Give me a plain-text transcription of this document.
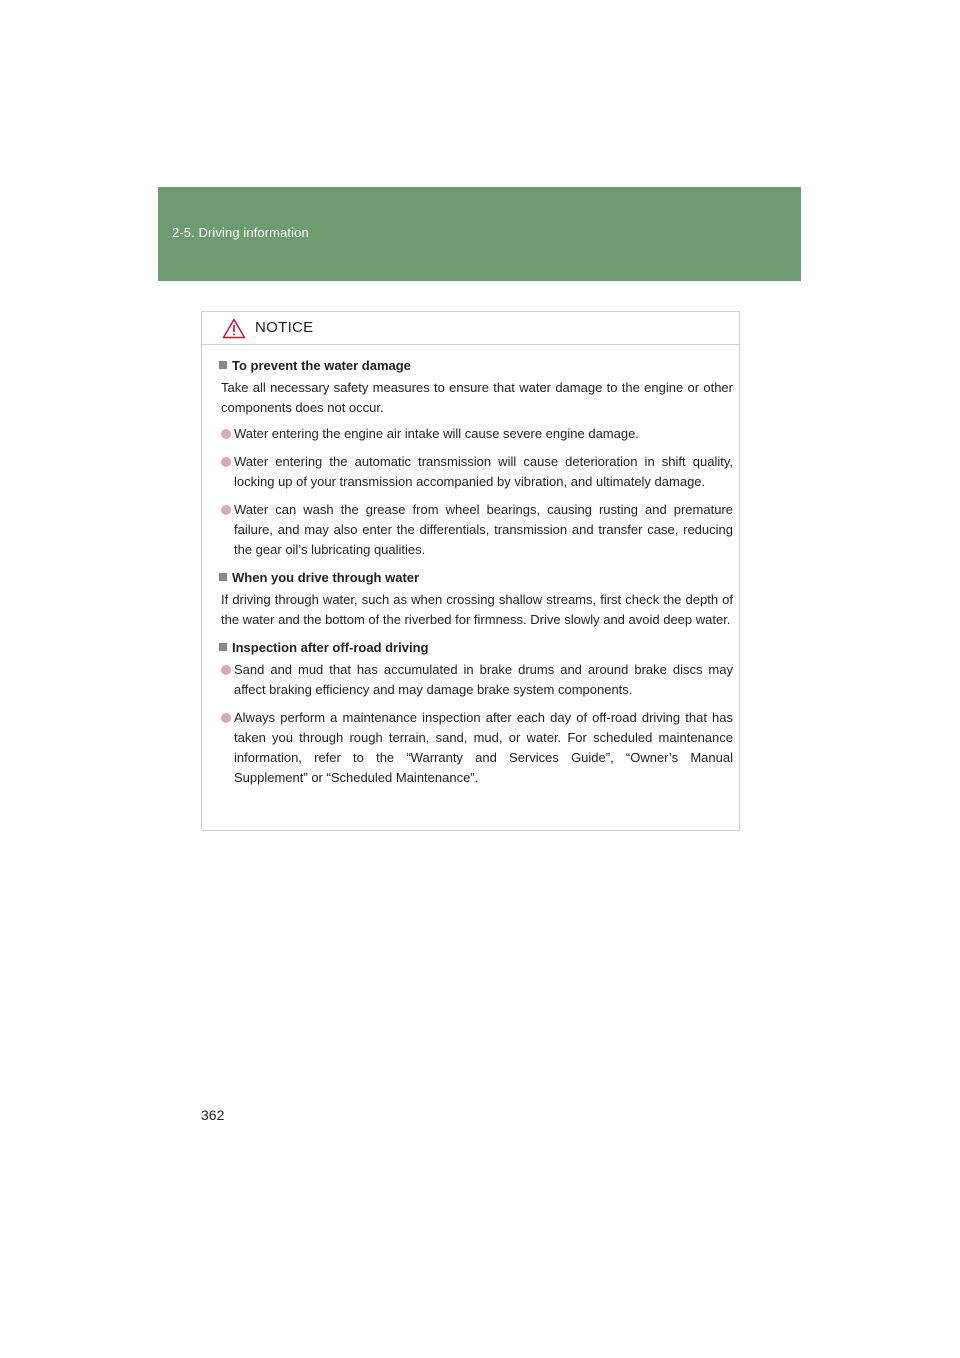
2-5. Driving information
NOTICE

To prevent the water damage

Take all necessary safety measures to ensure that water damage to the engine or other components does not occur.

Water entering the engine air intake will cause severe engine damage.
Water entering the automatic transmission will cause deterioration in shift quality, locking up of your transmission accompanied by vibration, and ultimately damage.
Water can wash the grease from wheel bearings, causing rusting and premature failure, and may also enter the differentials, transmission and transfer case, reducing the gear oil’s lubricating qualities.

When you drive through water

If driving through water, such as when crossing shallow streams, first check the depth of the water and the bottom of the riverbed for firmness. Drive slowly and avoid deep water.

Inspection after off-road driving

Sand and mud that has accumulated in brake drums and around brake discs may affect braking efficiency and may damage brake system components.
Always perform a maintenance inspection after each day of off-road driving that has taken you through rough terrain, sand, mud, or water. For scheduled maintenance information, refer to the “Warranty and Services Guide”, “Owner’s Manual Supplement” or “Scheduled Maintenance”.
362
